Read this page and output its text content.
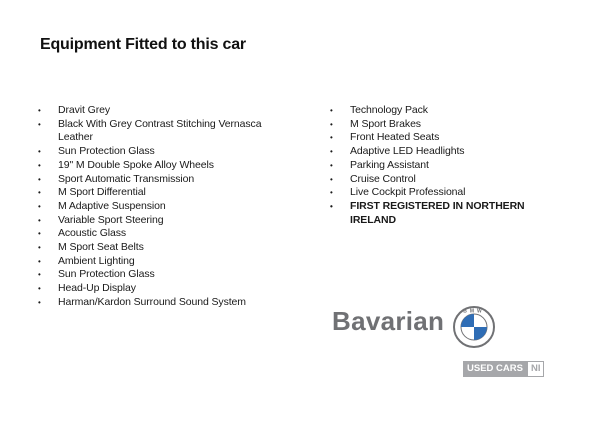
Equipment Fitted to this car
• Dravit Grey
• Black With Grey Contrast Stitching Vernasca Leather
• Sun Protection Glass
• 19" M Double Spoke Alloy Wheels
• Sport Automatic Transmission
• M Sport Differential
• M Adaptive Suspension
• Variable Sport Steering
• Acoustic Glass
• M Sport Seat Belts
• Ambient Lighting
• Sun Protection Glass
• Head-Up Display
• Harman/Kardon Surround Sound System
• Technology Pack
• M Sport Brakes
• Front Heated Seats
• Adaptive LED Headlights
• Parking Assistant
• Cruise Control
• Live Cockpit Professional
• FIRST REGISTERED IN NORTHERN IRELAND
Bavarian	BMW
USED CARS NI
